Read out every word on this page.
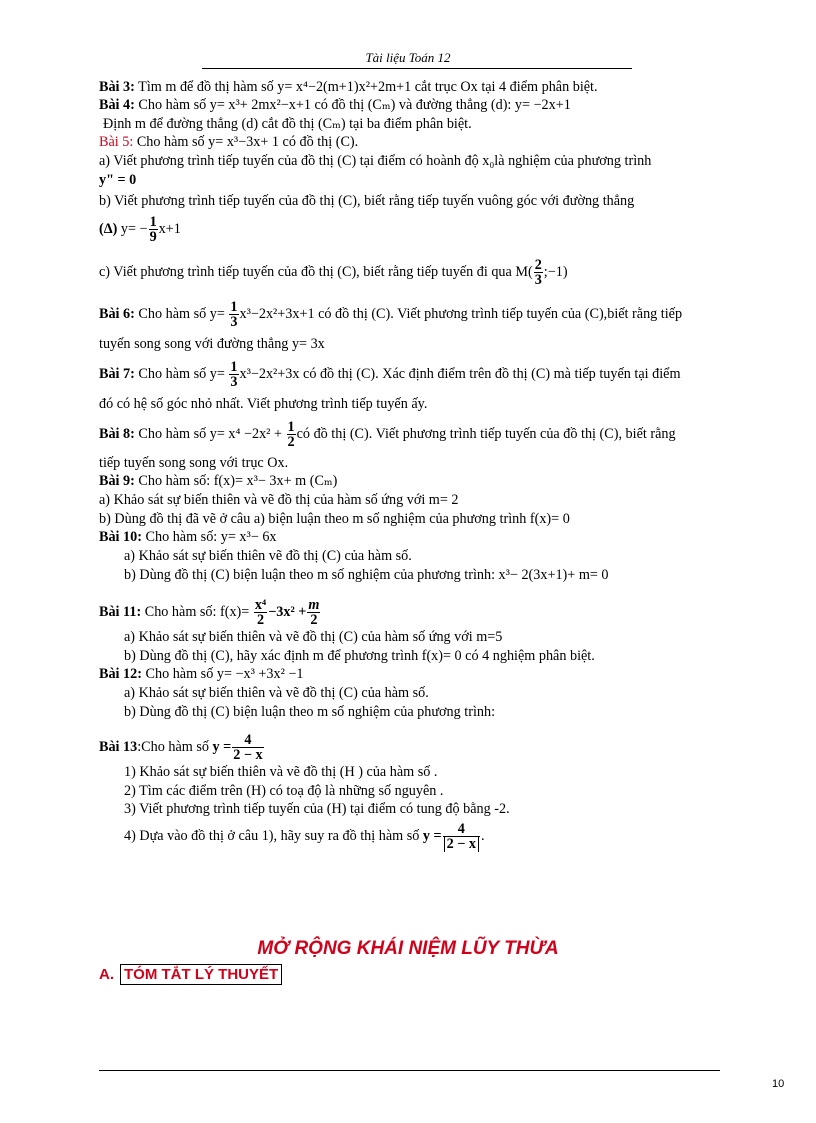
Tài liệu Toán 12
Bài 3: Tìm m để đồ thị hàm số y= x⁴−2(m+1)x²+2m+1 cắt trục Ox tại 4 điểm phân biệt.
Bài 4: Cho hàm số y= x³+ 2mx²−x+1 có đồ thị (Cₘ) và đường thẳng (d): y= −2x+1
Định m để đường thẳng (d) cắt đồ thị (Cₘ) tại ba điểm phân biệt.
Bài 5: Cho hàm số y= x³−3x+ 1 có đồ thị (C).
a) Viết phương trình tiếp tuyến của đồ thị (C) tại điểm có hoành độ x₀là nghiệm của phương trình
y" = 0
b) Viết phương trình tiếp tuyến của đồ thị (C), biết rằng tiếp tuyến vuông góc với đường thẳng
(Δ) $y= - \frac{1}{9} x+1$
c) Viết phương trình tiếp tuyến của đồ thị (C), biết rằng tiếp tuyến đi qua $M( \frac{2}{3}$ ;−1)
Bài 6: Cho hàm số $y= \frac{1}{3} x^3-2x^2+3x+1$ có đồ thị (C). Viết phương trình tiếp tuyến của (C),biết rằng tiếp
tuyến song song với đường thẳng y= 3x
Bài 7: Cho hàm số $y= \frac{1}{3} x^3-2x^2+3x$ có đồ thị (C). Xác định điểm trên đồ thị (C) mà tiếp tuyến tại điểm
đó có hệ số góc nhỏ nhất. Viết phương trình tiếp tuyến ấy.
Bài 8: Cho hàm số $y= x^4 -2x^2 + \frac{1}{2}$ có đồ thị (C). Viết phương trình tiếp tuyến của đồ thị (C), biết rằng
tiếp tuyến song song với trục Ox.
Bài 9: Cho hàm số: f(x)= x³− 3x+ m (Cₘ)
a) Khảo sát sự biến thiên và vẽ đồ thị của hàm số ứng với m= 2
b) Dùng đồ thị đã vẽ ở câu a) biện luận theo m số nghiệm của phương trình f(x)= 0
Bài 10: Cho hàm số: y= x³− 6x
a) Khảo sát sự biến thiên vẽ đồ thị (C) của hàm số.
b) Dùng đồ thị (C) biện luận theo m số nghiệm của phương trình: x³− 2(3x+1)+ m= 0
Bài 11: Cho hàm số: $f(x)= \frac{\text{x⁴}}{2} -3x^2 + \frac{m}{2}$
a) Khảo sát sự biến thiên và vẽ đồ thị (C) của hàm số ứng với m=5
b) Dùng đồ thị (C), hãy xác định m để phương trình f(x)= 0 có 4 nghiệm phân biệt.
Bài 12: Cho hàm số y= −x³ +3x² −1
a) Khảo sát sự biến thiên và vẽ đồ thị (C) của hàm số.
b) Dùng đồ thị (C) biện luận theo m số nghiệm của phương trình:
Bài 13:Cho hàm số $y = \frac{4}{2 - x}$
1) Khảo sát sự biến thiên và vẽ đồ thị (H ) của hàm số .
2) Tìm các điểm trên (H) có toạ độ là những số nguyên .
3) Viết phương trình tiếp tuyến của (H) tại điểm có tung độ bằng -2.
4) Dựa vào đồ thị ở câu 1), hãy suy ra đồ thị hàm số $y = \frac{4}{2 - x}$ .
MỞ RỘNG KHÁI NIỆM LŨY THỪA
A. TÓM TẮT LÝ THUYẾT
10
